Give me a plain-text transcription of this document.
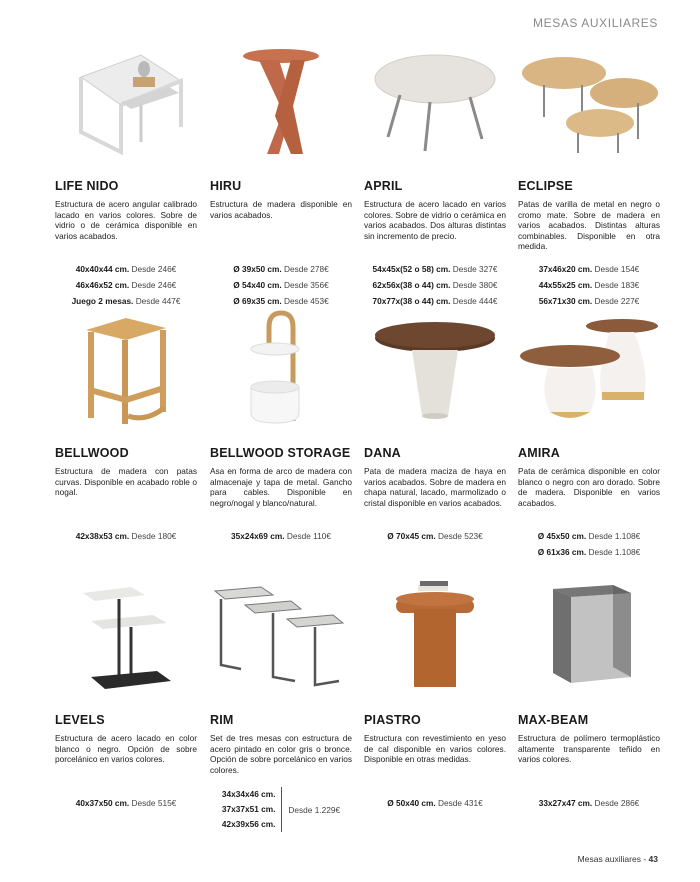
MESAS AUXILIARES
LIFE NIDO
Estructura de acero angular calibrado lacado en varios colores. Sobre de vidrio o de cerámica disponible en varios acabados.
40x40x44 cm. Desde 246€
46x46x52 cm. Desde 246€
Juego 2 mesas. Desde 447€
HIRU
Estructura de madera disponible en varios acabados.
Ø 39x50 cm. Desde 278€
Ø 54x40 cm. Desde 356€
Ø 69x35 cm. Desde 453€
APRIL
Estructura de acero lacado en varios colores. Sobre de vidrio o cerámica en varios acabados. Dos alturas distintas sin incremento de precio.
54x45x(52 o 58) cm. Desde 327€
62x56x(38 o 44) cm. Desde 380€
70x77x(38 o 44) cm. Desde 444€
ECLIPSE
Patas de varilla de metal en negro o cromo mate. Sobre de madera en varios acabados. Distintas alturas combinables. Disponible en otra medida.
37x46x20 cm. Desde 154€
44x55x25 cm. Desde 183€
56x71x30 cm. Desde 227€
BELLWOOD
Estructura de madera con patas curvas. Disponible en acabado roble o nogal.
42x38x53 cm. Desde 180€
BELLWOOD STORAGE
Asa en forma de arco de madera con almacenaje y tapa de metal. Gancho para cables. Disponible en negro/nogal y blanco/natural.
35x24x69 cm. Desde 110€
DANA
Pata de madera maciza de haya en varios acabados. Sobre de madera en chapa natural, lacado, marmolizado o cristal disponible en varios acabados.
Ø 70x45 cm. Desde 523€
AMIRA
Pata de cerámica disponible en color blanco o negro con aro dorado. Sobre de madera. Disponible en varios acabados.
Ø 45x50 cm. Desde 1.108€
Ø 61x36 cm. Desde 1.108€
LEVELS
Estructura de acero lacado en color blanco o negro. Opción de sobre porcelánico en varios colores.
40x37x50 cm. Desde 515€
RIM
Set de tres mesas con estructura de acero pintado en color gris o bronce. Opción de sobre porcelánico en varios colores.
34x34x46 cm.
37x37x51 cm.
42x39x56 cm.
Desde 1.229€
PIASTRO
Estructura con revestimiento en yeso de cal disponible en varios colores. Disponible en otras medidas.
Ø 50x40 cm. Desde 431€
MAX-BEAM
Estructura de polímero termoplástico altamente transparente teñido en varios colores.
33x27x47 cm. Desde 286€
Mesas auxiliares - 43
